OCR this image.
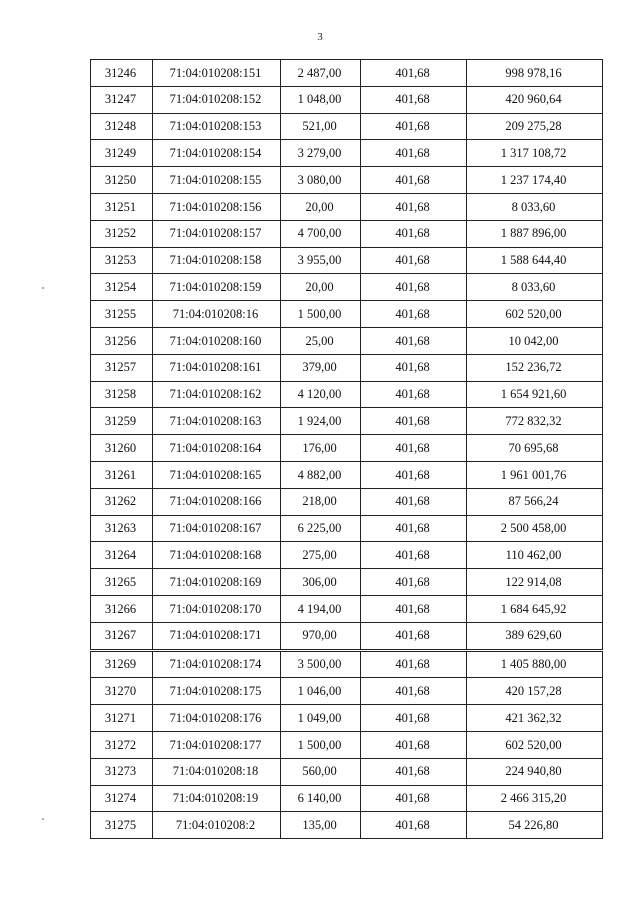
3
31246	71:04:010208:151	2 487,00	401,68	998 978,16
31247	71:04:010208:152	1 048,00	401,68	420 960,64
31248	71:04:010208:153	521,00	401,68	209 275,28
31249	71:04:010208:154	3 279,00	401,68	1 317 108,72
31250	71:04:010208:155	3 080,00	401,68	1 237 174,40
31251	71:04:010208:156	20,00	401,68	8 033,60
31252	71:04:010208:157	4 700,00	401,68	1 887 896,00
31253	71:04:010208:158	3 955,00	401,68	1 588 644,40
31254	71:04:010208:159	20,00	401,68	8 033,60
31255	71:04:010208:16	1 500,00	401,68	602 520,00
31256	71:04:010208:160	25,00	401,68	10 042,00
31257	71:04:010208:161	379,00	401,68	152 236,72
31258	71:04:010208:162	4 120,00	401,68	1 654 921,60
31259	71:04:010208:163	1 924,00	401,68	772 832,32
31260	71:04:010208:164	176,00	401,68	70 695,68
31261	71:04:010208:165	4 882,00	401,68	1 961 001,76
31262	71:04:010208:166	218,00	401,68	87 566,24
31263	71:04:010208:167	6 225,00	401,68	2 500 458,00
31264	71:04:010208:168	275,00	401,68	110 462,00
31265	71:04:010208:169	306,00	401,68	122 914,08
31266	71:04:010208:170	4 194,00	401,68	1 684 645,92
31267	71:04:010208:171	970,00	401,68	389 629,60
31269	71:04:010208:174	3 500,00	401,68	1 405 880,00
31270	71:04:010208:175	1 046,00	401,68	420 157,28
31271	71:04:010208:176	1 049,00	401,68	421 362,32
31272	71:04:010208:177	1 500,00	401,68	602 520,00
31273	71:04:010208:18	560,00	401,68	224 940,80
31274	71:04:010208:19	6 140,00	401,68	2 466 315,20
31275	71:04:010208:2	135,00	401,68	54 226,80
